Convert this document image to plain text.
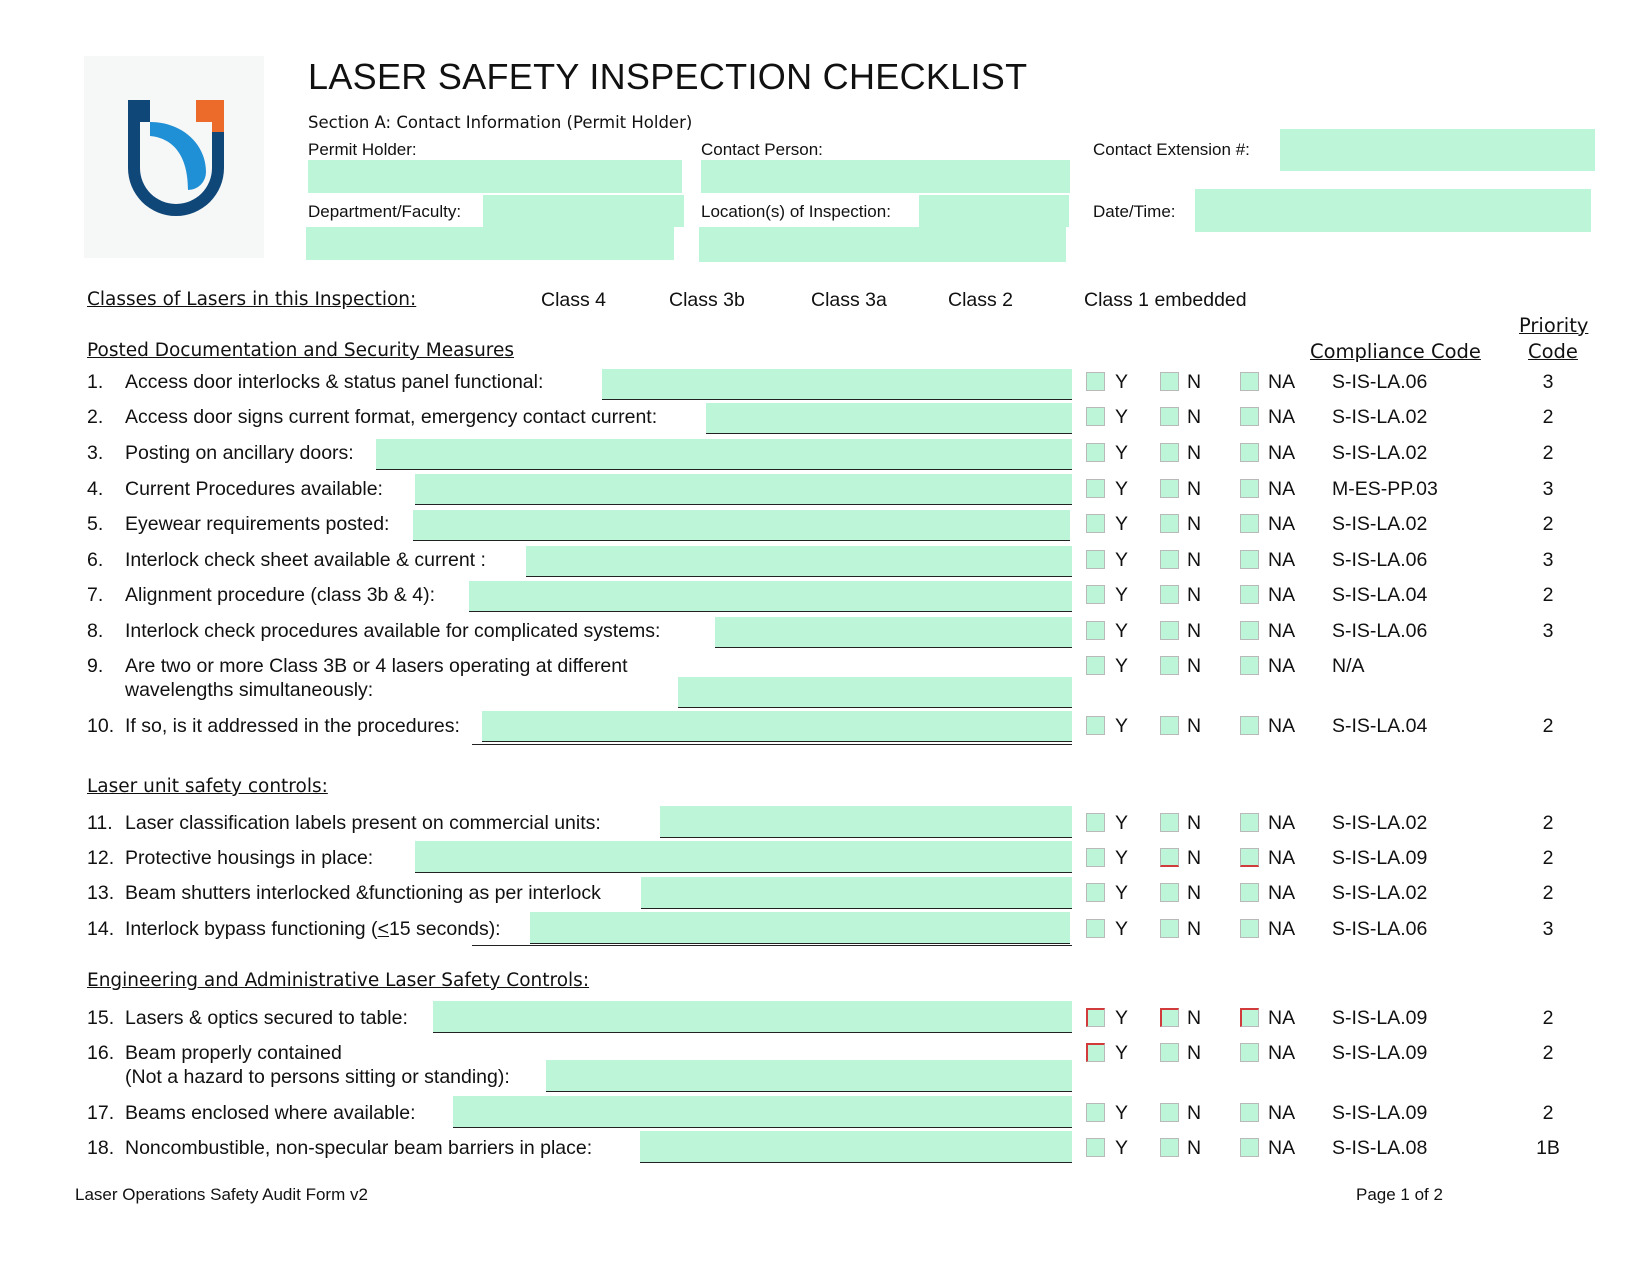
LASER SAFETY INSPECTION CHECKLIST
Section A: Contact Information (Permit Holder)
Permit Holder:	Contact Person:	Contact Extension #:
Department/Faculty:	Location(s) of Inspection:	Date/Time:
Classes of Lasers in this Inspection:	Class 4	Class 3b	Class 3a	Class 2	Class 1 embedded
Priority
Code
Compliance Code
Posted Documentation and Security Measures
Laser unit safety controls:
Engineering and Administrative Laser Safety Controls:
1. Access door interlocks & status panel functional:	Y	N	NA S-IS-LA.06	3
2. Access door signs current format, emergency contact current:	Y	N	NA S-IS-LA.02	2
3. Posting on ancillary doors:	Y	N	NA S-IS-LA.02	2
4. Current Procedures available:	Y	N	NA M-ES-PP.03	3
5. Eyewear requirements posted:	Y	N	NA S-IS-LA.02	2
6. Interlock check sheet available & current :	Y	N	NA S-IS-LA.06	3
7. Alignment procedure (class 3b & 4):	Y	N	NA S-IS-LA.04	2
8. Interlock check procedures available for complicated systems:	Y	N	NA S-IS-LA.06	3
9. Are two or more Class 3B or 4 lasers operating at different
wavelengths simultaneously:
Y	N	NA N/A
10. If so, is it addressed in the procedures:	Y	N	NA S-IS-LA.04	2
11. Laser classification labels present on commercial units:	Y	N	NA S-IS-LA.02	2
12. Protective housings in place:	Y	N	NA S-IS-LA.09	2
13. Beam shutters interlocked &functioning as per interlock	Y	N	NA S-IS-LA.02	2
14. Interlock bypass functioning (<15 seconds):	Y	N	NA S-IS-LA.06	3
15. Lasers & optics secured to table:	Y	N	NA S-IS-LA.09	2
16. Beam properly contained
(Not a hazard to persons sitting or standing):
Y	N	NA S-IS-LA.09	2
17. Beams enclosed where available:	Y	N	NA S-IS-LA.09	2
18. Noncombustible, non-specular beam barriers in place:	Y	N	NA S-IS-LA.08	1B
Laser Operations Safety Audit Form v2	Page 1 of 2
